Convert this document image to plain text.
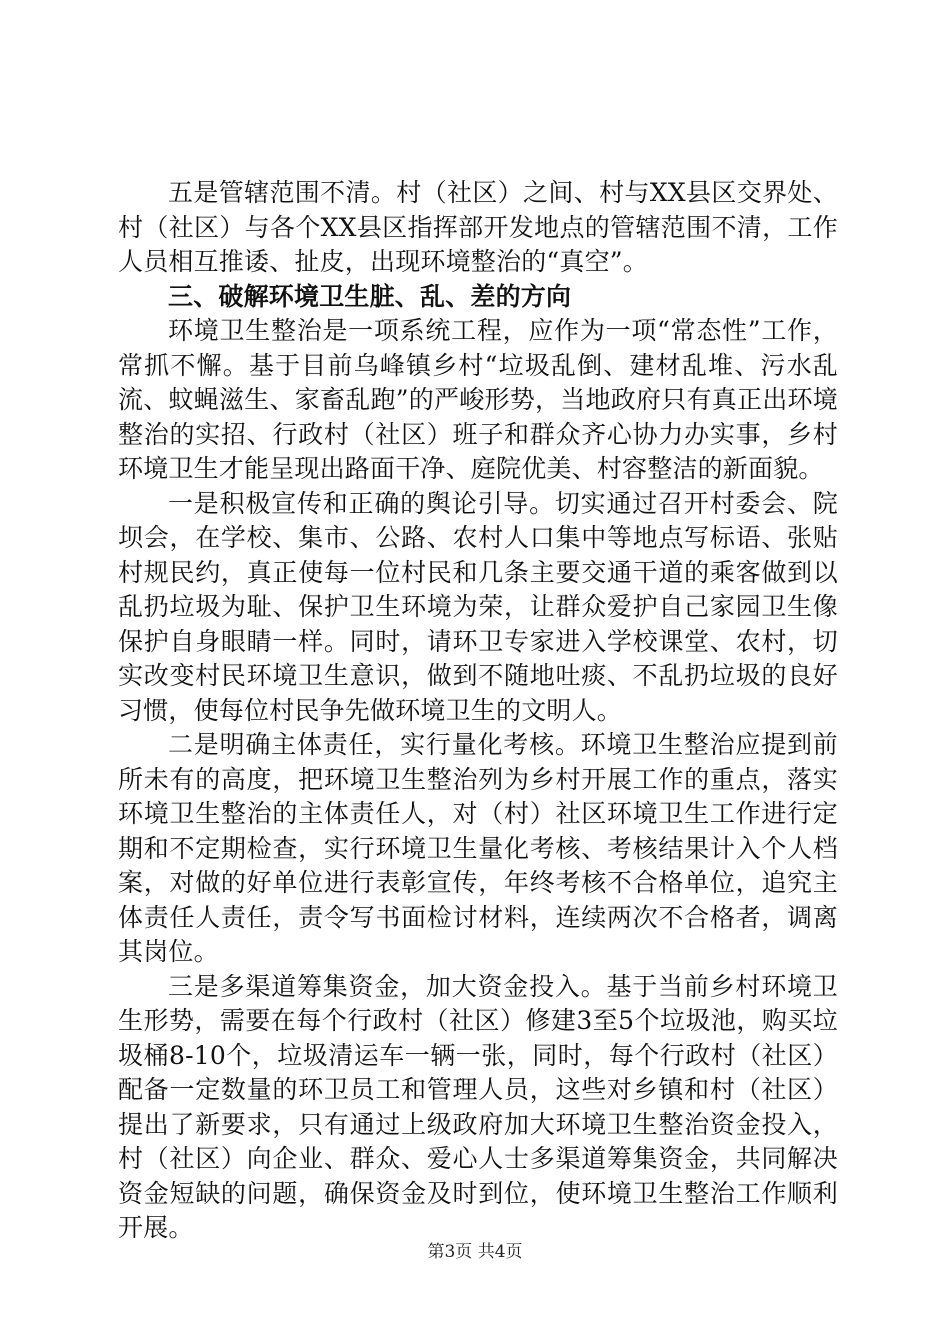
五是管辖范围不清。村（社区）之间、村与XX县区交界处、村（社区）与各个XX县区指挥部开发地点的管辖范围不清，工作人员相互推诿、扯皮，出现环境整治的“真空”。

三、破解环境卫生脏、乱、差的方向

环境卫生整治是一项系统工程，应作为一项“常态性”工作，常抓不懈。基于目前乌峰镇乡村“垃圾乱倒、建材乱堆、污水乱流、蚊蝇滋生、家畜乱跑”的严峻形势，当地政府只有真正出环境整治的实招、行政村（社区）班子和群众齐心协力办实事，乡村环境卫生才能呈现出路面干净、庭院优美、村容整洁的新面貌。

一是积极宣传和正确的舆论引导。切实通过召开村委会、院坝会，在学校、集市、公路、农村人口集中等地点写标语、张贴村规民约，真正使每一位村民和几条主要交通干道的乘客做到以乱扔垃圾为耻、保护卫生环境为荣，让群众爱护自己家园卫生像保护自身眼睛一样。同时，请环卫专家进入学校课堂、农村，切实改变村民环境卫生意识，做到不随地吐痰、不乱扔垃圾的良好习惯，使每位村民争先做环境卫生的文明人。

二是明确主体责任，实行量化考核。环境卫生整治应提到前所未有的高度，把环境卫生整治列为乡村开展工作的重点，落实环境卫生整治的主体责任人，对（村）社区环境卫生工作进行定期和不定期检查，实行环境卫生量化考核、考核结果计入个人档案，对做的好单位进行表彰宣传，年终考核不合格单位，追究主体责任人责任，责令写书面检讨材料，连续两次不合格者，调离其岗位。

三是多渠道筹集资金，加大资金投入。基于当前乡村环境卫生形势，需要在每个行政村（社区）修建3至5个垃圾池，购买垃圾桶8-10个，垃圾清运车一辆一张，同时，每个行政村（社区）配备一定数量的环卫员工和管理人员，这些对乡镇和村（社区）提出了新要求，只有通过上级政府加大环境卫生整治资金投入，村（社区）向企业、群众、爱心人士多渠道筹集资金，共同解决资金短缺的问题，确保资金及时到位，使环境卫生整治工作顺利开展。

第3页 共4页
